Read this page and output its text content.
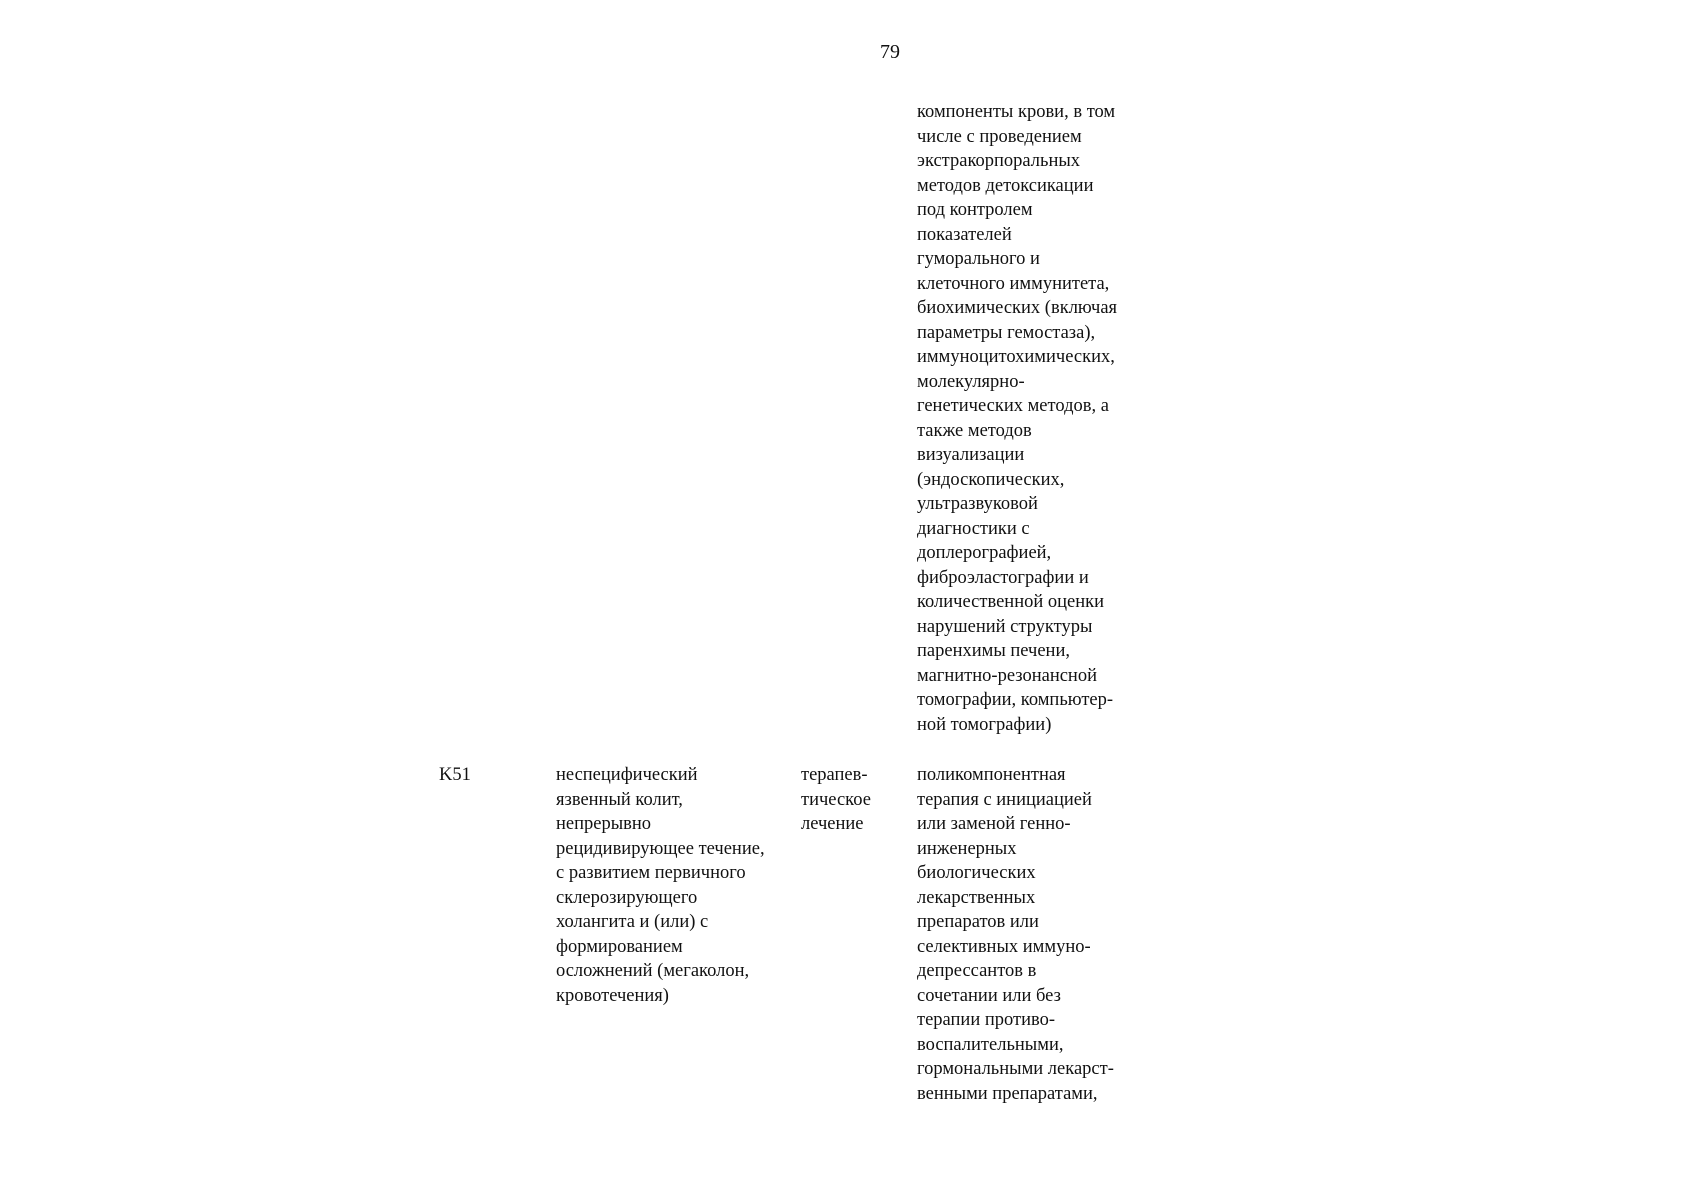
79
компоненты крови, в том
числе с проведением
экстракорпоральных
методов детоксикации
под контролем
показателей
гуморального и
клеточного иммунитета,
биохимических (включая
параметры гемостаза),
иммуноцитохимических,
молекулярно-
генетических методов, а
также методов
визуализации
(эндоскопических,
ультразвуковой
диагностики с
доплерографией,
фиброэластографии и
количественной оценки
нарушений структуры
паренхимы печени,
магнитно-резонансной
томографии, компьютер-
ной томографии)
K51	неспецифический
язвенный колит,
непрерывно
рецидивирующее течение,
с развитием первичного
склерозирующего
холангита и (или) с
формированием
осложнений (мегаколон,
кровотечения)
терапев-
тическое
лечение
поликомпонентная
терапия с инициацией
или заменой генно-
инженерных
биологических
лекарственных
препаратов или
селективных иммуно-
депрессантов в
сочетании или без
терапии противо-
воспалительными,
гормональными лекарст-
венными препаратами,
